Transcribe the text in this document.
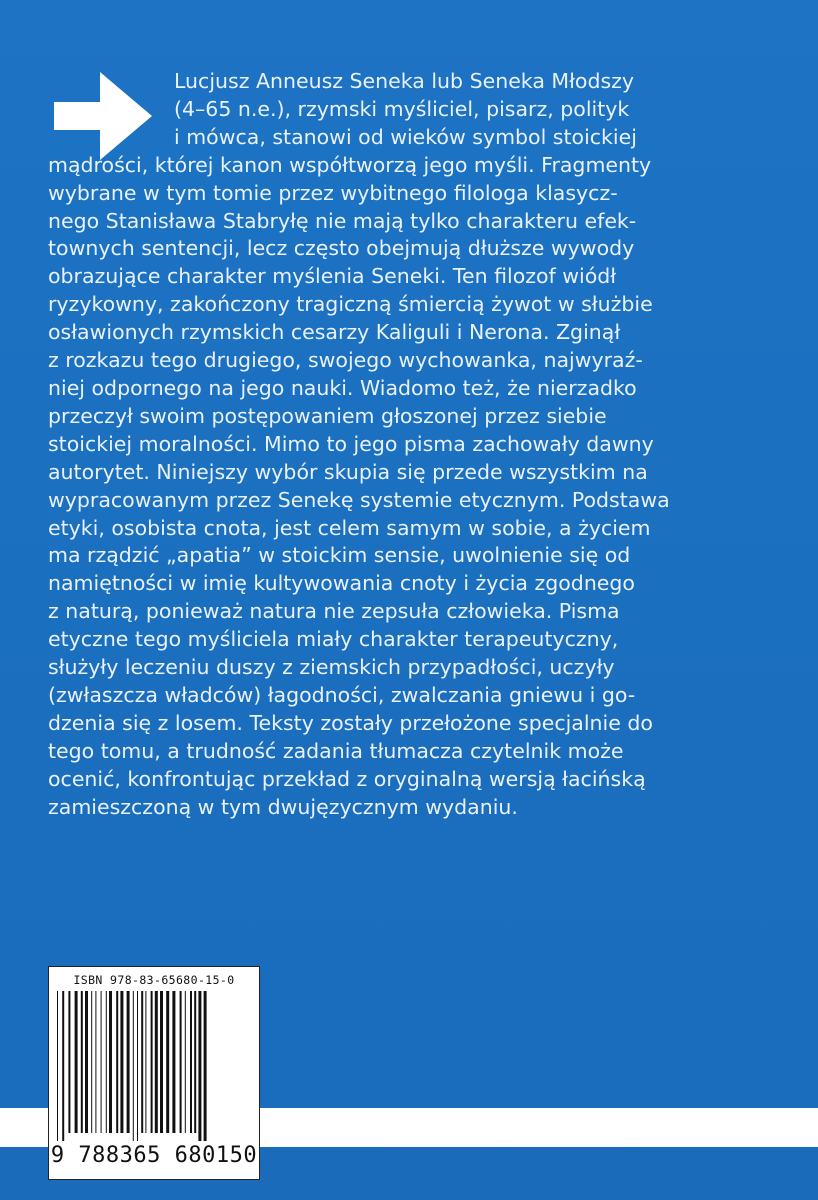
Lucjusz Anneusz Seneka lub Seneka Młodszy
(4–65 n.e.), rzymski myśliciel, pisarz, polityk
i mówca, stanowi od wieków symbol stoickiej
mądrości, której kanon współtworzą jego myśli. Fragmenty
wybrane w tym tomie przez wybitnego filologa klasycz-
nego Stanisława Stabryłę nie mają tylko charakteru efek-
townych sentencji, lecz często obejmują dłuższe wywody
obrazujące charakter myślenia Seneki. Ten filozof wiódł
ryzykowny, zakończony tragiczną śmiercią żywot w służbie
osławionych rzymskich cesarzy Kaliguli i Nerona. Zginął
z rozkazu tego drugiego, swojego wychowanka, najwyraź-
niej odpornego na jego nauki. Wiadomo też, że nierzadko
przeczył swoim postępowaniem głoszonej przez siebie
stoickiej moralności. Mimo to jego pisma zachowały dawny
autorytet. Niniejszy wybór skupia się przede wszystkim na
wypracowanym przez Senekę systemie etycznym. Podstawa
etyki, osobista cnota, jest celem samym w sobie, a życiem
ma rządzić „apatia” w stoickim sensie, uwolnienie się od
namiętności w imię kultywowania cnoty i życia zgodnego
z naturą, ponieważ natura nie zepsuła człowieka. Pisma
etyczne tego myśliciela miały charakter terapeutyczny,
służyły leczeniu duszy z ziemskich przypadłości, uczyły
(zwłaszcza władców) łagodności, zwalczania gniewu i go-
dzenia się z losem. Teksty zostały przełożone specjalnie do
tego tomu, a trudność zadania tłumacza czytelnik może
ocenić, konfrontując przekład z oryginalną wersją łacińską
zamieszczoną w tym dwujęzycznym wydaniu.
ISBN 978-83-65680-15-0
9 788365 680150
